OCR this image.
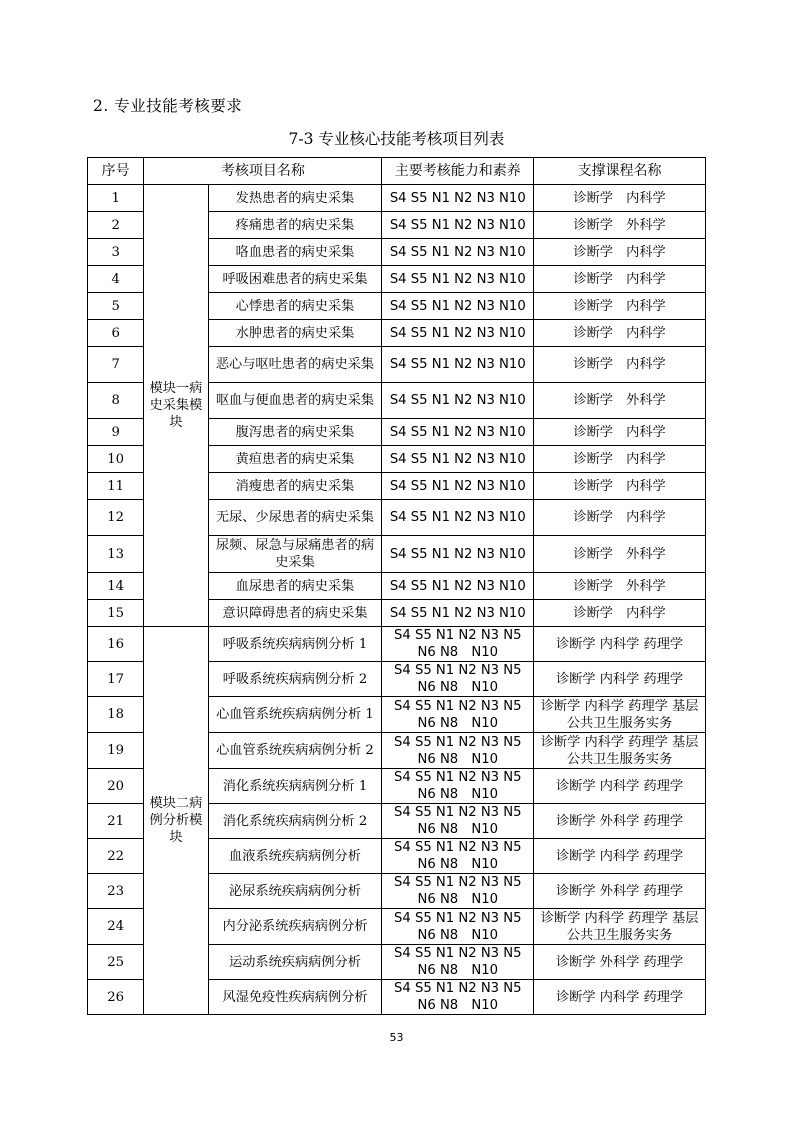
2. 专业技能考核要求
7-3 专业核心技能考核项目列表
序号	考核项目名称		主要考核能力和素养	支撑课程名称
1	模块一病史采集模块	发热患者的病史采集	S4 S5 N1 N2 N3 N10	诊断学　内科学
2		疼痛患者的病史采集	S4 S5 N1 N2 N3 N10	诊断学　外科学
3		咯血患者的病史采集	S4 S5 N1 N2 N3 N10	诊断学　内科学
4		呼吸困难患者的病史采集	S4 S5 N1 N2 N3 N10	诊断学　内科学
5		心悸患者的病史采集	S4 S5 N1 N2 N3 N10	诊断学　内科学
6		水肿患者的病史采集	S4 S5 N1 N2 N3 N10	诊断学　内科学
7		恶心与呕吐患者的病史采集	S4 S5 N1 N2 N3 N10	诊断学　内科学
8		呕血与便血患者的病史采集	S4 S5 N1 N2 N3 N10	诊断学　外科学
9		腹泻患者的病史采集	S4 S5 N1 N2 N3 N10	诊断学　内科学
10		黄疸患者的病史采集	S4 S5 N1 N2 N3 N10	诊断学　内科学
11		消瘦患者的病史采集	S4 S5 N1 N2 N3 N10	诊断学　内科学
12		无尿、少尿患者的病史采集	S4 S5 N1 N2 N3 N10	诊断学　内科学
13		尿频、尿急与尿痛患者的病史采集	S4 S5 N1 N2 N3 N10	诊断学　外科学
14		血尿患者的病史采集	S4 S5 N1 N2 N3 N10	诊断学　外科学
15		意识障碍患者的病史采集	S4 S5 N1 N2 N3 N10	诊断学　内科学
16	模块二病例分析模块	呼吸系统疾病病例分析 1	S4 S5 N1 N2 N3 N5 N6 N8　N10	诊断学 内科学 药理学
17		呼吸系统疾病病例分析 2	S4 S5 N1 N2 N3 N5 N6 N8　N10	诊断学 内科学 药理学
18		心血管系统疾病病例分析 1	S4 S5 N1 N2 N3 N5 N6 N8　N10	诊断学 内科学 药理学 基层公共卫生服务实务
19		心血管系统疾病病例分析 2	S4 S5 N1 N2 N3 N5 N6 N8　N10	诊断学 内科学 药理学 基层公共卫生服务实务
20		消化系统疾病病例分析 1	S4 S5 N1 N2 N3 N5 N6 N8　N10	诊断学 内科学 药理学
21		消化系统疾病病例分析 2	S4 S5 N1 N2 N3 N5 N6 N8　N10	诊断学 外科学 药理学
22		血液系统疾病病例分析	S4 S5 N1 N2 N3 N5 N6 N8　N10	诊断学 内科学 药理学
23		泌尿系统疾病病例分析	S4 S5 N1 N2 N3 N5 N6 N8　N10	诊断学 外科学 药理学
24		内分泌系统疾病病例分析	S4 S5 N1 N2 N3 N5 N6 N8　N10	诊断学 内科学 药理学 基层公共卫生服务实务
25		运动系统疾病病例分析	S4 S5 N1 N2 N3 N5 N6 N8　N10	诊断学 外科学 药理学
26		风湿免疫性疾病病例分析	S4 S5 N1 N2 N3 N5 N6 N8　N10	诊断学 内科学 药理学
53
